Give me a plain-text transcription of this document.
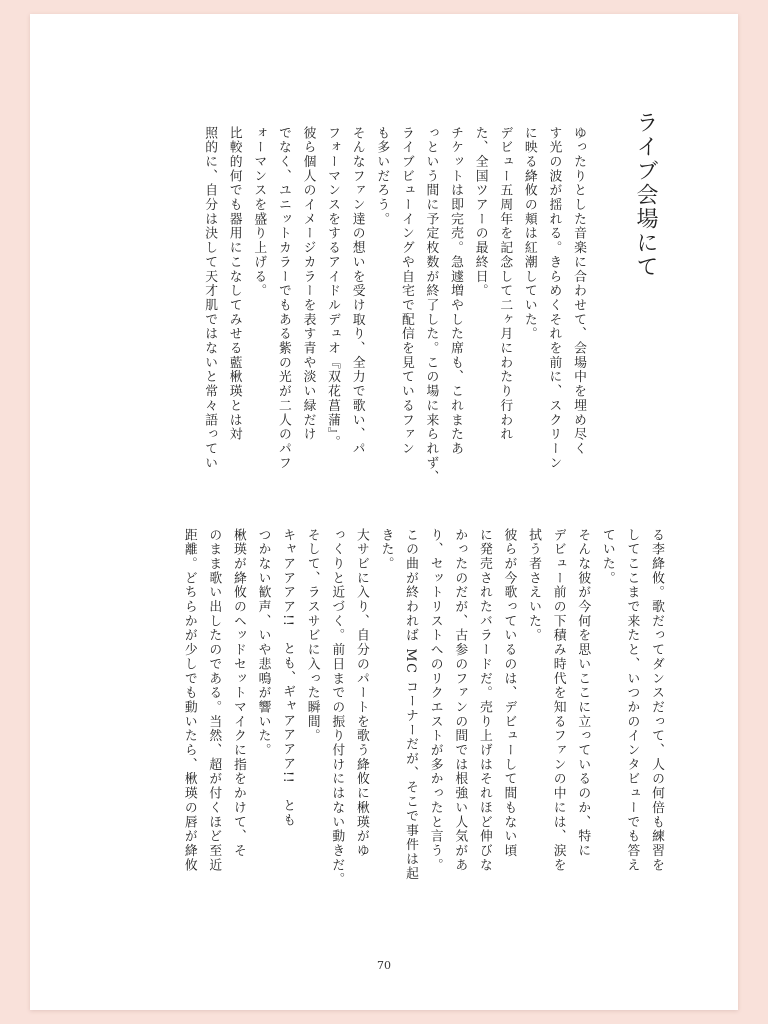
ライブ会場にて

ゆったりとした音楽に合わせて、会場中を埋め尽く

す光の波が揺れる。きらめくそれを前に、スクリーン

に映る絳攸の頬は紅潮していた。

デビュー五周年を記念して二ヶ月にわたり行われ

た、全国ツアーの最終日。

チケットは即完売。急遽増やした席も、これまたあ

っという間に予定枚数が終了した。この場に来られず、

ライブビューイングや自宅で配信を見ているファン

も多いだろう。

そんなファン達の想いを受け取り、全力で歌い、パ

フォーマンスをするアイドルデュオ『双花菖蒲』。

彼ら個人のイメージカラーを表す青や淡い緑だけ

でなく、ユニットカラーでもある紫の光が二人のパフ

ォーマンスを盛り上げる。

比較的何でも器用にこなしてみせる藍楸瑛とは対

照的に、自分は決して天才肌ではないと常々語ってい

る李絳攸。歌だってダンスだって、人の何倍も練習を

してここまで来たと、いつかのインタビューでも答え

ていた。

そんな彼が今何を思いここに立っているのか、特に

デビュー前の下積み時代を知るファンの中には、涙を

拭う者さえいた。

彼らが今歌っているのは、デビューして間もない頃

に発売されたバラードだ。売り上げはそれほど伸びな

かったのだが、古参のファンの間では根強い人気があ

り、セットリストへのリクエストが多かったと言う。

この曲が終われば MC コーナーだが、そこで事件は起

きた。

大サビに入り、自分のパートを歌う絳攸に楸瑛がゆ

っくりと近づく。前日までの振り付けにはない動きだ。

そして、ラスサビに入った瞬間。

キャアアアア!!　とも、ギャアアアア!!　とも

つかない歓声、いや悲鳴が響いた。

楸瑛が絳攸のヘッドセットマイクに指をかけて、そ

のまま歌い出したのである。当然、超が付くほど至近

距離。どちらかが少しでも動いたら、楸瑛の唇が絳攸

70
